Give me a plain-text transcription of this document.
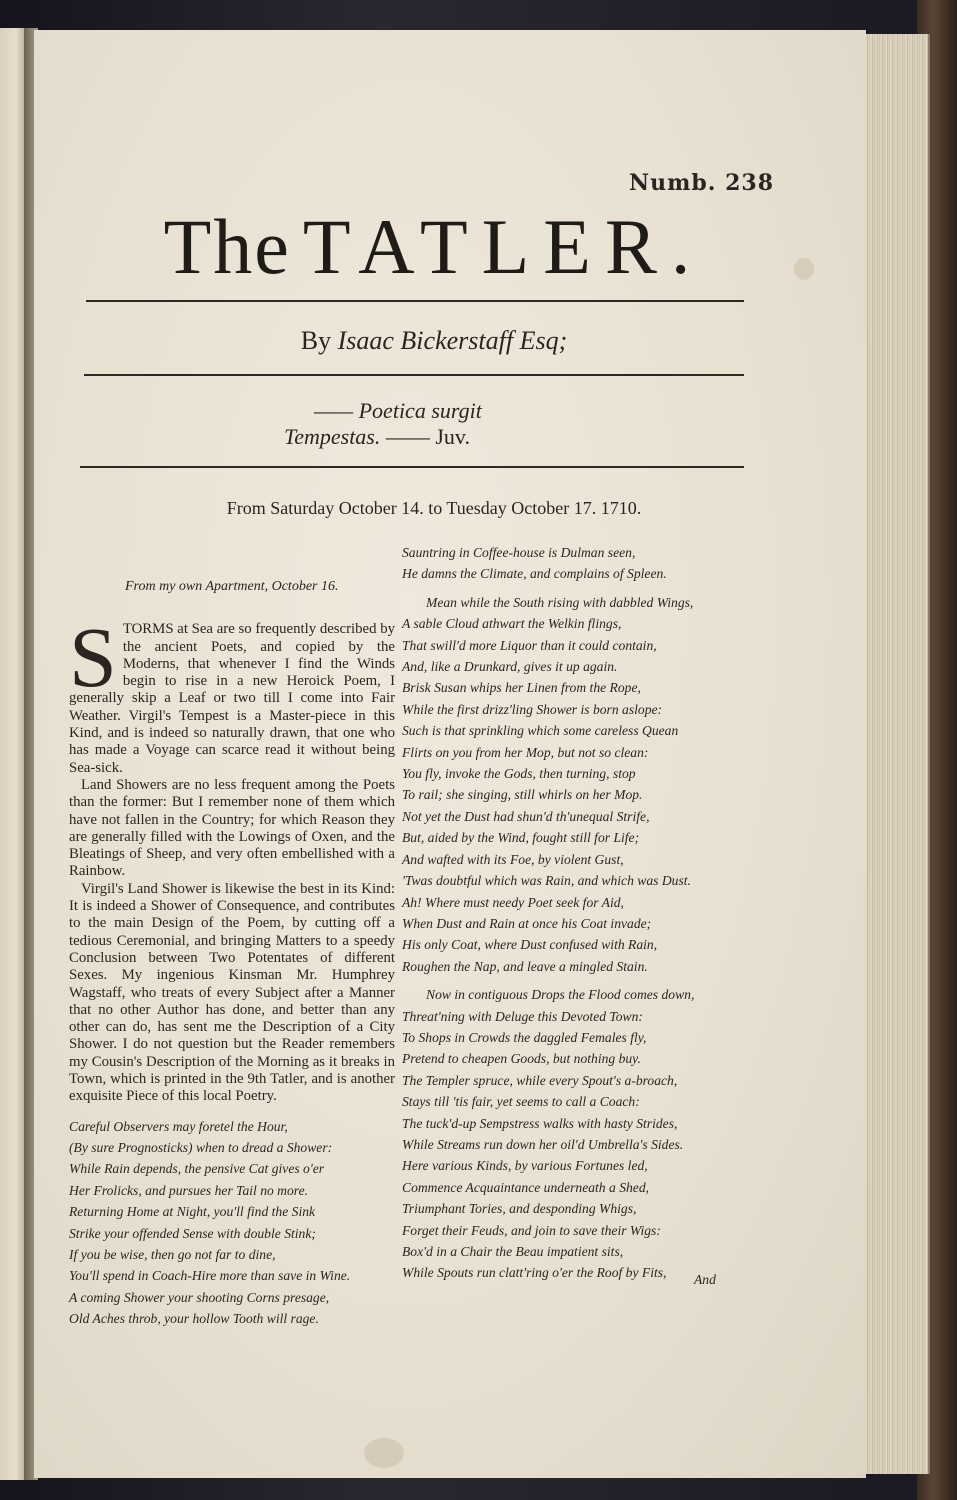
Numb. 238
The TATLER.
By Isaac Bickerstaff Esq;
—— Poetica surgit
Tempestas. —— Juv.
From Saturday October 14. to Tuesday October 17. 1710.
From my own Apartment, October 16.
S TORMS at Sea are so frequently described by the ancient Poets, and copied by the Moderns, that whenever I find the Winds begin to rise in a new Heroick Poem, I generally skip a Leaf or two till I come into Fair Weather. Virgil's Tempest is a Master-piece in this Kind, and is indeed so naturally drawn, that one who has made a Voyage can scarce read it without being Sea-sick.

Land Showers are no less frequent among the Poets than the former: But I remember none of them which have not fallen in the Country; for which Reason they are generally filled with the Lowings of Oxen, and the Bleatings of Sheep, and very often embellished with a Rainbow.

Virgil's Land Shower is likewise the best in its Kind: It is indeed a Shower of Consequence, and contributes to the main Design of the Poem, by cutting off a tedious Ceremonial, and bringing Matters to a speedy Conclusion between Two Potentates of different Sexes. My ingenious Kinsman Mr. Humphrey Wagstaff, who treats of every Subject after a Manner that no other Author has done, and better than any other can do, has sent me the Description of a City Shower. I do not question but the Reader remembers my Cousin's Description of the Morning as it breaks in Town, which is printed in the 9th Tatler, and is another exquisite Piece of this local Poetry.

Careful Observers may foretel the Hour,
(By sure Prognosticks) when to dread a Shower:
While Rain depends, the pensive Cat gives o'er
Her Frolicks, and pursues her Tail no more.
Returning Home at Night, you'll find the Sink
Strike your offended Sense with double Stink;
If you be wise, then go not far to dine,
You'll spend in Coach-Hire more than save in Wine.
A coming Shower your shooting Corns presage,
Old Aches throb, your hollow Tooth will rage.
Sauntring in Coffee-house is Dulman seen,
He damns the Climate, and complains of Spleen.
Mean while the South rising with dabbled Wings,
A sable Cloud athwart the Welkin flings,
That swill'd more Liquor than it could contain,
And, like a Drunkard, gives it up again.
Brisk Susan whips her Linen from the Rope,
While the first drizz'ling Shower is born aslope:
Such is that sprinkling which some careless Quean
Flirts on you from her Mop, but not so clean:
You fly, invoke the Gods, then turning, stop
To rail; she singing, still whirls on her Mop.
Not yet the Dust had shun'd th'unequal Strife,
But, aided by the Wind, fought still for Life;
And wafted with its Foe, by violent Gust,
'Twas doubtful which was Rain, and which was Dust.
Ah! Where must needy Poet seek for Aid,
When Dust and Rain at once his Coat invade;
His only Coat, where Dust confused with Rain,
Roughen the Nap, and leave a mingled Stain.
Now in contiguous Drops the Flood comes down,
Threat'ning with Deluge this Devoted Town:
To Shops in Crowds the daggled Females fly,
Pretend to cheapen Goods, but nothing buy.
The Templer spruce, while every Spout's a-broach,
Stays till 'tis fair, yet seems to call a Coach:
The tuck'd-up Sempstress walks with hasty Strides,
While Streams run down her oil'd Umbrella's Sides.
Here various Kinds, by various Fortunes led,
Commence Acquaintance underneath a Shed,
Triumphant Tories, and desponding Whigs,
Forget their Feuds, and join to save their Wigs:
Box'd in a Chair the Beau impatient sits,
While Spouts run clatt'ring o'er the Roof by Fits,	And
